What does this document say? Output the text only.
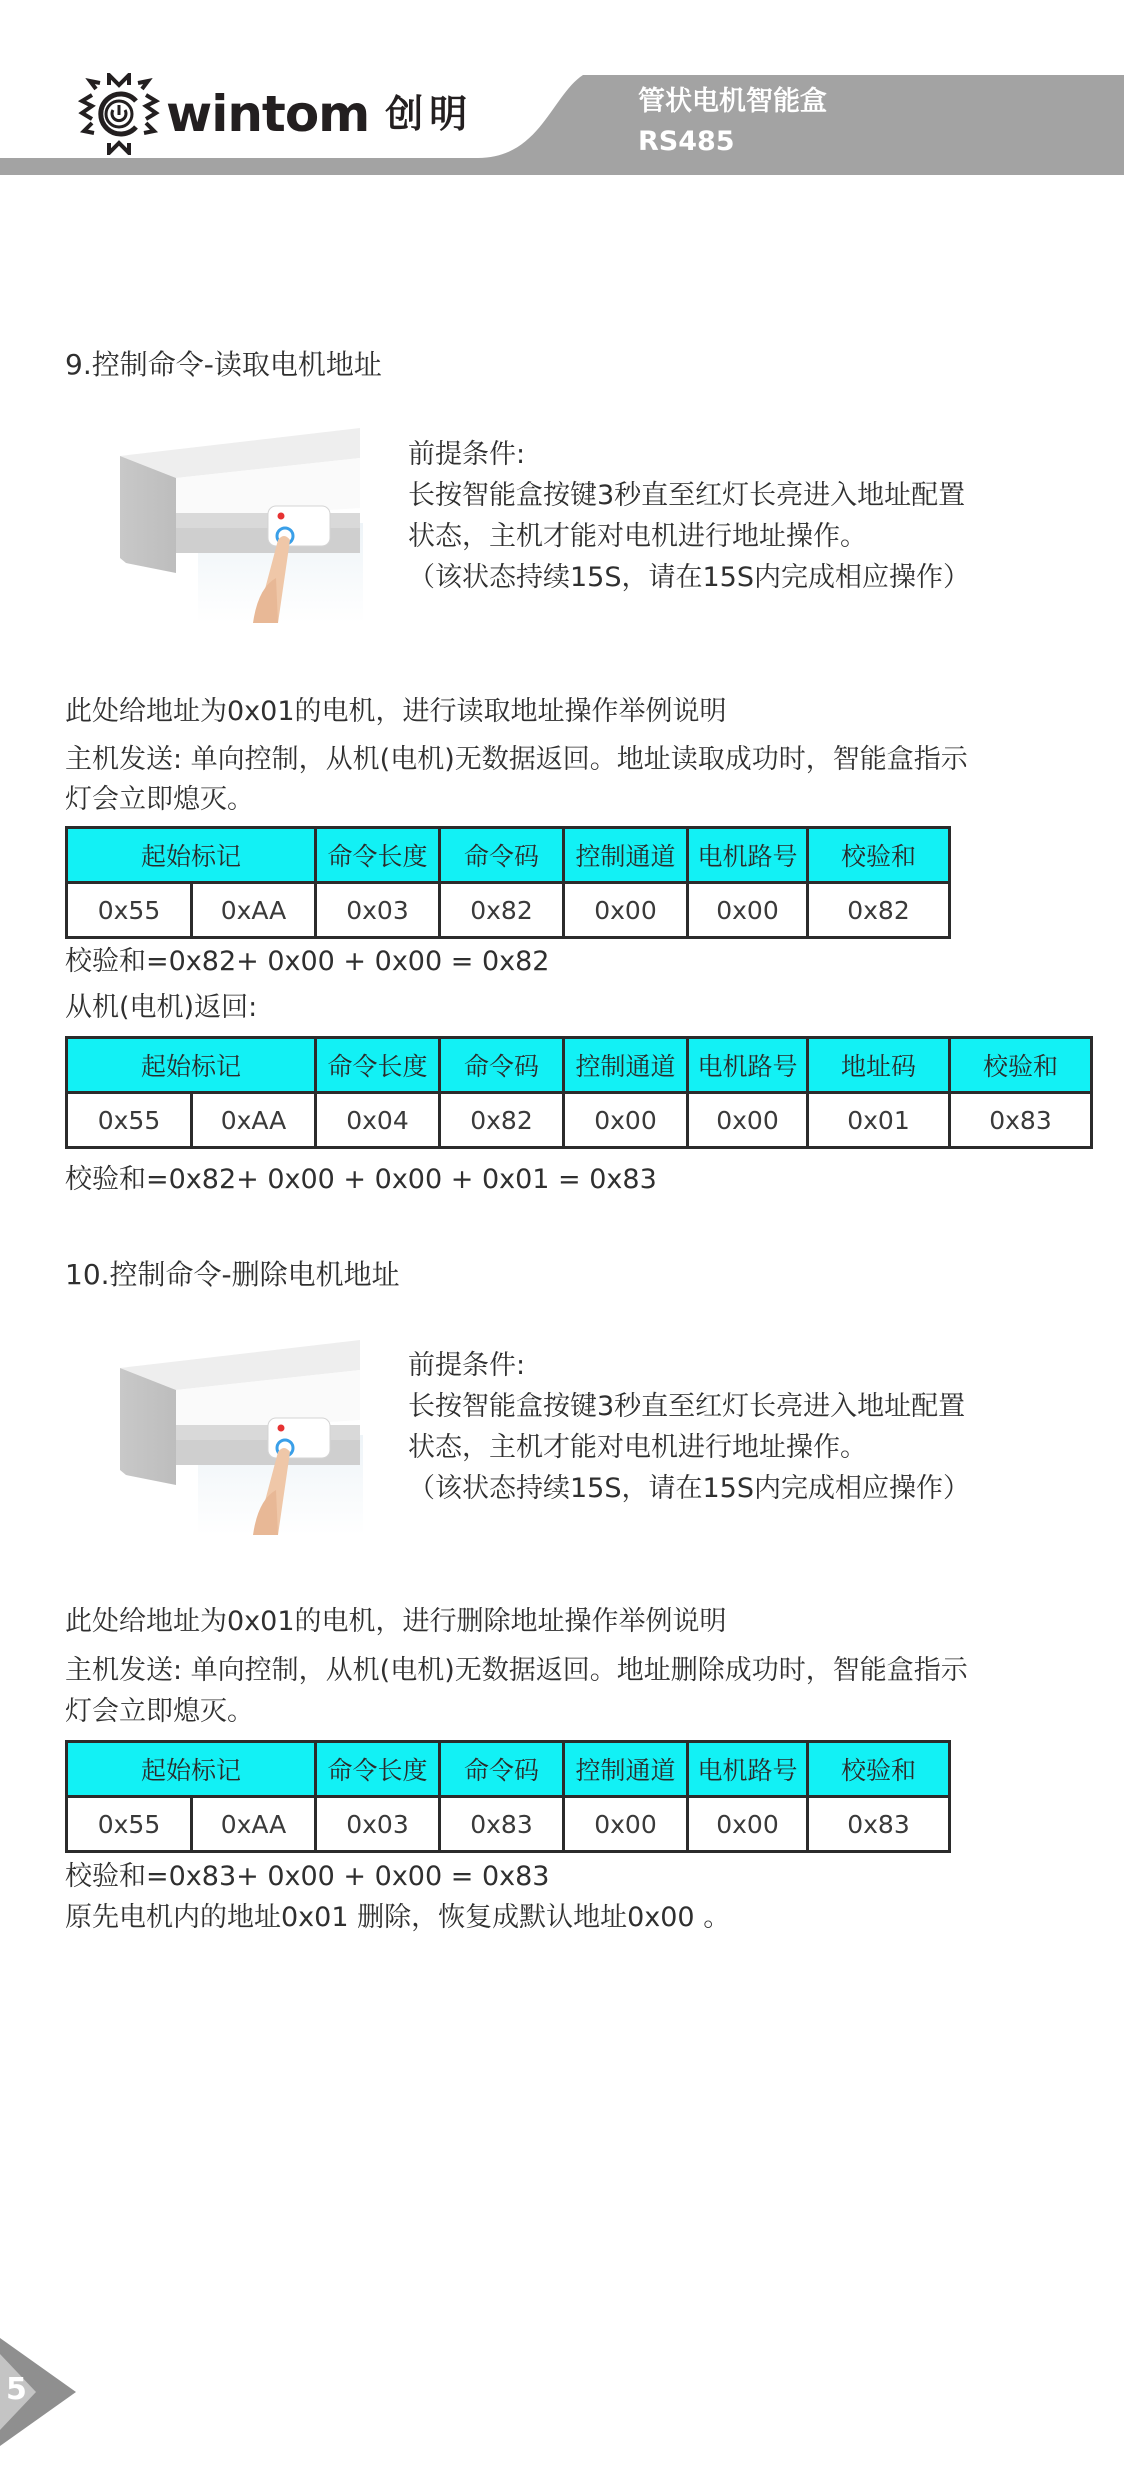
wintom 创明	管状电机智能盒
RS485
9.控制命令-读取电机地址
前提条件:
长按智能盒按键3秒直至红灯长亮进入地址配置
状态，主机才能对电机进行地址操作。
（该状态持续15S，请在15S内完成相应操作）
此处给地址为0x01的电机，进行读取地址操作举例说明
主机发送: 单向控制，从机(电机)无数据返回。地址读取成功时，智能盒指示
灯会立即熄灭。
起始标记		命令长度	命令码	控制通道	电机路号	校验和
0x55	0xAA	0x03	0x82	0x00	0x00	0x82
校验和=0x82+ 0x00 + 0x00 = 0x82
从机(电机)返回:
起始标记		命令长度	命令码	控制通道	电机路号	地址码	校验和
0x55	0xAA	0x04	0x82	0x00	0x00	0x01	0x83
校验和=0x82+ 0x00 + 0x00 + 0x01 = 0x83
10.控制命令-删除电机地址
前提条件:
长按智能盒按键3秒直至红灯长亮进入地址配置
状态，主机才能对电机进行地址操作。
（该状态持续15S，请在15S内完成相应操作）
此处给地址为0x01的电机，进行删除地址操作举例说明
主机发送: 单向控制，从机(电机)无数据返回。地址删除成功时，智能盒指示
灯会立即熄灭。
起始标记		命令长度	命令码	控制通道	电机路号	校验和
0x55	0xAA	0x03	0x83	0x00	0x00	0x83
校验和=0x83+ 0x00 + 0x00 = 0x83
原先电机内的地址0x01 删除，恢复成默认地址0x00 。
5
